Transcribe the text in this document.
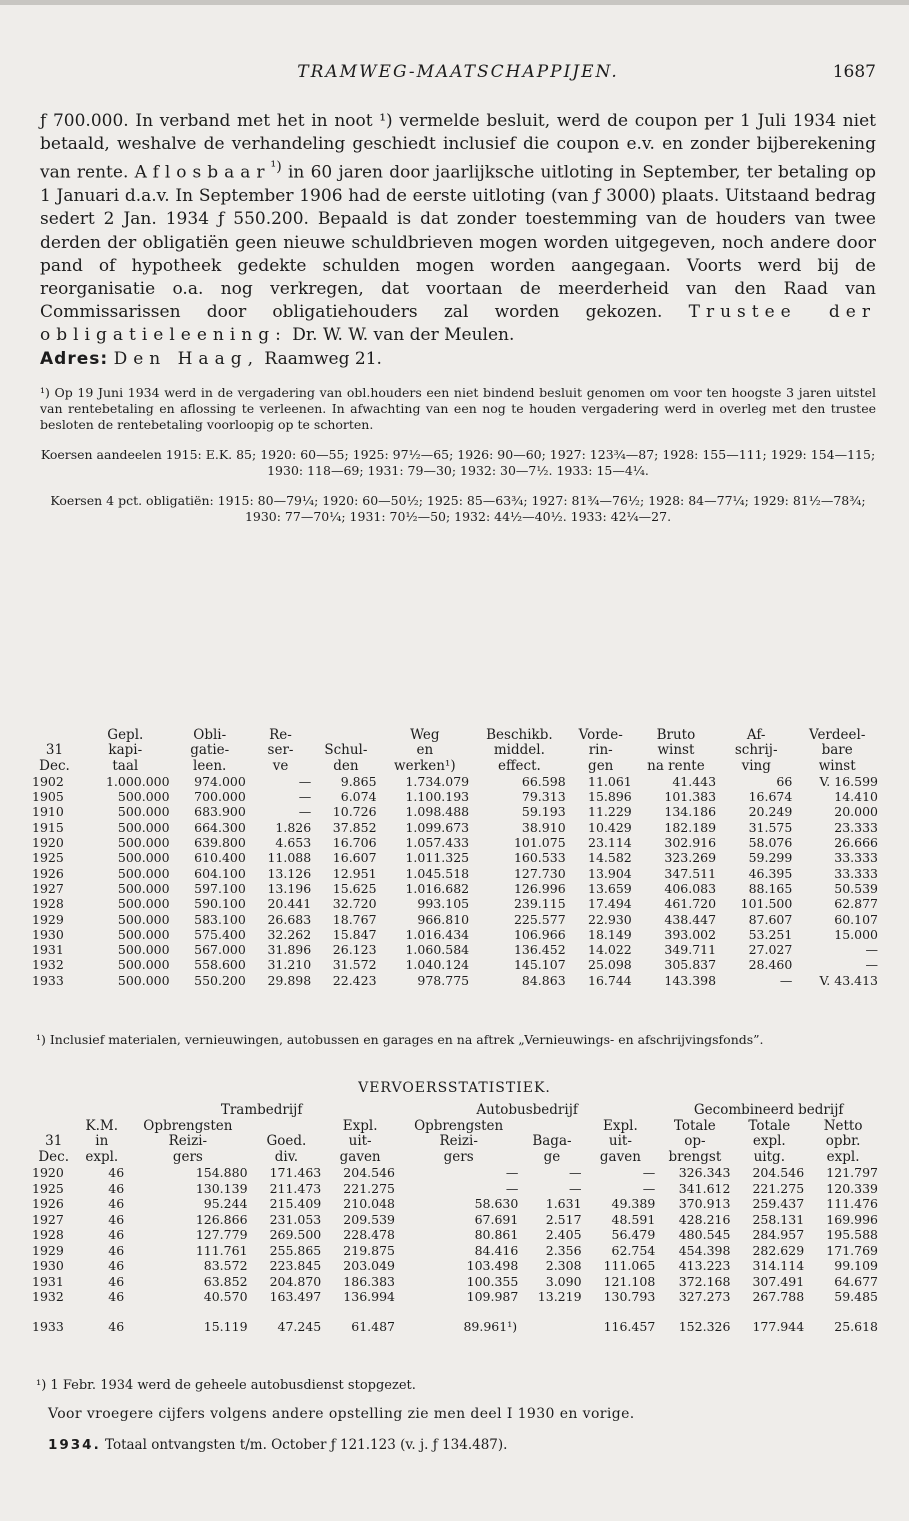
TRAMWEG-MAATSCHAPPIJEN.	1687

ƒ 700.000. In verband met het in noot ¹) vermelde besluit, werd de coupon per 1 Juli 1934 niet betaald, weshalve de verhandeling geschiedt inclusief die coupon e.v. en zonder bijberekening van rente. Aflosbaar$^{^1)}$ in 60 jaren door jaarlijksche uitloting in September, ter betaling op 1 Januari d.a.v. In September 1906 had de eerste uitloting (van ƒ 3000) plaats. Uitstaand bedrag sedert 2 Jan. 1934 ƒ 550.200. Bepaald is dat zonder toestemming van de houders van twee derden der obligatiën geen nieuwe schuldbrieven mogen worden uitgegeven, noch andere door pand of hypotheek gedekte schulden mogen worden aangegaan. Voorts werd bij de reorganisatie o.a. nog verkregen, dat voortaan de meerderheid van den Raad van Commissarissen door obligatiehouders zal worden gekozen. Trustee der obligatieleening: Dr. W. W. van der Meulen.

Adres: Den Haag, Raamweg 21.

¹) Op 19 Juni 1934 werd in de vergadering van obl.houders een niet bindend besluit genomen om voor ten hoogste 3 jaren uitstel van rentebetaling en aflossing te verleenen. In afwachting van een nog te houden vergadering werd in overleg met den trustee besloten de rentebetaling voorloopig op te schorten.

Koersen aandeelen 1915: E.K. 85; 1920: 60—55; 1925: 97½—65; 1926: 90—60; 1927: 123¾—87; 1928: 155—111; 1929: 154—115; 1930: 118—69; 1931: 79—30; 1932: 30—7½. 1933: 15—4¼.

Koersen 4 pct. obligatiën: 1915: 80—79¼; 1920: 60—50½; 1925: 85—63¾; 1927: 81¾—76½; 1928: 84—77¼; 1929: 81½—78¾; 1930: 77—70¼; 1931: 70½—50; 1932: 44½—40½. 1933: 42¼—27.

	Gepl.	Obli-	Re-		Weg	Beschikb.	Vorde-	Bruto	Af-	Verdeel-
31	kapi-	gatie-	ser-	Schul-	en	middel.	rin-	winst	schrij-	bare
Dec.	taal	leen.	ve	den	werken¹)	effect.	gen	na rente	ving	winst
1902	1.000.000	974.000	—	9.865	1.734.079	66.598	11.061	41.443	66	V. 16.599
1905	500.000	700.000	—	6.074	1.100.193	79.313	15.896	101.383	16.674	14.410
1910	500.000	683.900	—	10.726	1.098.488	59.193	11.229	134.186	20.249	20.000
1915	500.000	664.300	1.826	37.852	1.099.673	38.910	10.429	182.189	31.575	23.333
1920	500.000	639.800	4.653	16.706	1.057.433	101.075	23.114	302.916	58.076	26.666
1925	500.000	610.400	11.088	16.607	1.011.325	160.533	14.582	323.269	59.299	33.333
1926	500.000	604.100	13.126	12.951	1.045.518	127.730	13.904	347.511	46.395	33.333
1927	500.000	597.100	13.196	15.625	1.016.682	126.996	13.659	406.083	88.165	50.539
1928	500.000	590.100	20.441	32.720	993.105	239.115	17.494	461.720	101.500	62.877
1929	500.000	583.100	26.683	18.767	966.810	225.577	22.930	438.447	87.607	60.107
1930	500.000	575.400	32.262	15.847	1.016.434	106.966	18.149	393.002	53.251	15.000
1931	500.000	567.000	31.896	26.123	1.060.584	136.452	14.022	349.711	27.027	—
1932	500.000	558.600	31.210	31.572	1.040.124	145.107	25.098	305.837	28.460	—
1933	500.000	550.200	29.898	22.423	978.775	84.863	16.744	143.398	—	V. 43.413
¹) Inclusief materialen, vernieuwingen, autobussen en garages en na aftrek „Vernieuwings- en afschrijvingsfonds”.
VERVOERSSTATISTIEK.
		Trambedrijf			Autobusbedrijf			Gecombineerd bedrijf		
	K.M.	Opbrengsten		Expl.	Opbrengsten		Expl.	Totale	Totale	Netto
31	in	Reizi-	Goed.	uit-	Reizi-	Baga-	uit-	op-	expl.	opbr.
Dec.	expl.	gers	div.	gaven	gers	ge	gaven	brengst	uitg.	expl.
1920	46	154.880	171.463	204.546	—	—	—	326.343	204.546	121.797
1925	46	130.139	211.473	221.275	—	—	—	341.612	221.275	120.339
1926	46	95.244	215.409	210.048	58.630	1.631	49.389	370.913	259.437	111.476
1927	46	126.866	231.053	209.539	67.691	2.517	48.591	428.216	258.131	169.996
1928	46	127.779	269.500	228.478	80.861	2.405	56.479	480.545	284.957	195.588
1929	46	111.761	255.865	219.875	84.416	2.356	62.754	454.398	282.629	171.769
1930	46	83.572	223.845	203.049	103.498	2.308	111.065	413.223	314.114	99.109
1931	46	63.852	204.870	186.383	100.355	3.090	121.108	372.168	307.491	64.677
1932	46	40.570	163.497	136.994	109.987	13.219	130.793	327.273	267.788	59.485

1933	46	15.119	47.245	61.487	89.961¹)		116.457	152.326	177.944	25.618
¹) 1 Febr. 1934 werd de geheele autobusdienst stopgezet.
Voor vroegere cijfers volgens andere opstelling zie men deel I 1930 en vorige.
1934. Totaal ontvangsten t/m. October ƒ 121.123 (v. j. ƒ 134.487).
